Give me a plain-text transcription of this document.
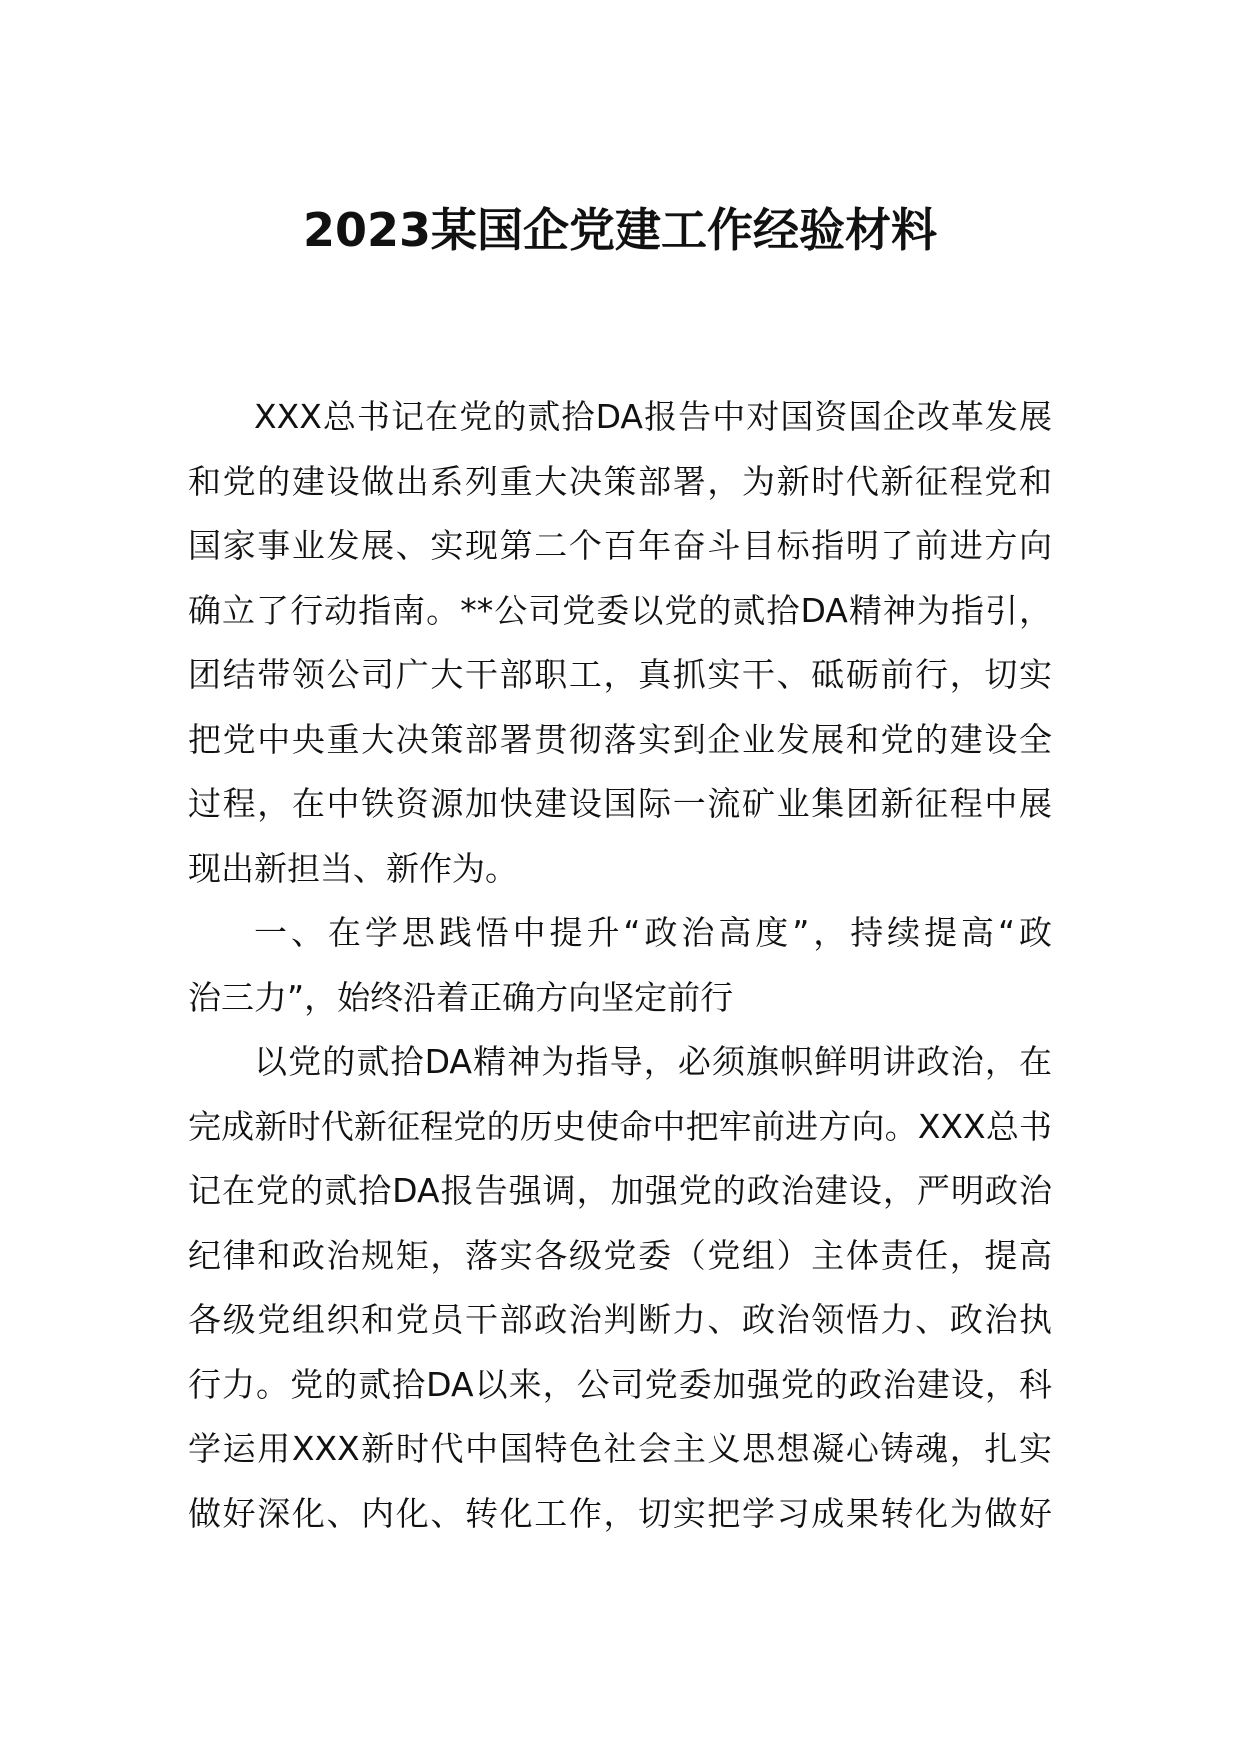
2023某国企党建工作经验材料
XXX总书记在党的贰拾DA报告中对国资国企改革发展
和党的建设做出系列重大决策部署，为新时代新征程党和
国家事业发展、实现第二个百年奋斗目标指明了前进方向
确立了行动指南。**公司党委以党的贰拾DA精神为指引，
团结带领公司广大干部职工，真抓实干、砥砺前行，切实
把党中央重大决策部署贯彻落实到企业发展和党的建设全
过程，在中铁资源加快建设国际一流矿业集团新征程中展
现出新担当、新作为。
一、在学思践悟中提升“政治高度”，持续提高“政
治三力”，始终沿着正确方向坚定前行
以党的贰拾DA精神为指导，必须旗帜鲜明讲政治，在
完成新时代新征程党的历史使命中把牢前进方向。XXX总书
记在党的贰拾DA报告强调，加强党的政治建设，严明政治
纪律和政治规矩，落实各级党委（党组）主体责任，提高
各级党组织和党员干部政治判断力、政治领悟力、政治执
行力。党的贰拾DA以来，公司党委加强党的政治建设，科
学运用XXX新时代中国特色社会主义思想凝心铸魂，扎实
做好深化、内化、转化工作，切实把学习成果转化为做好
